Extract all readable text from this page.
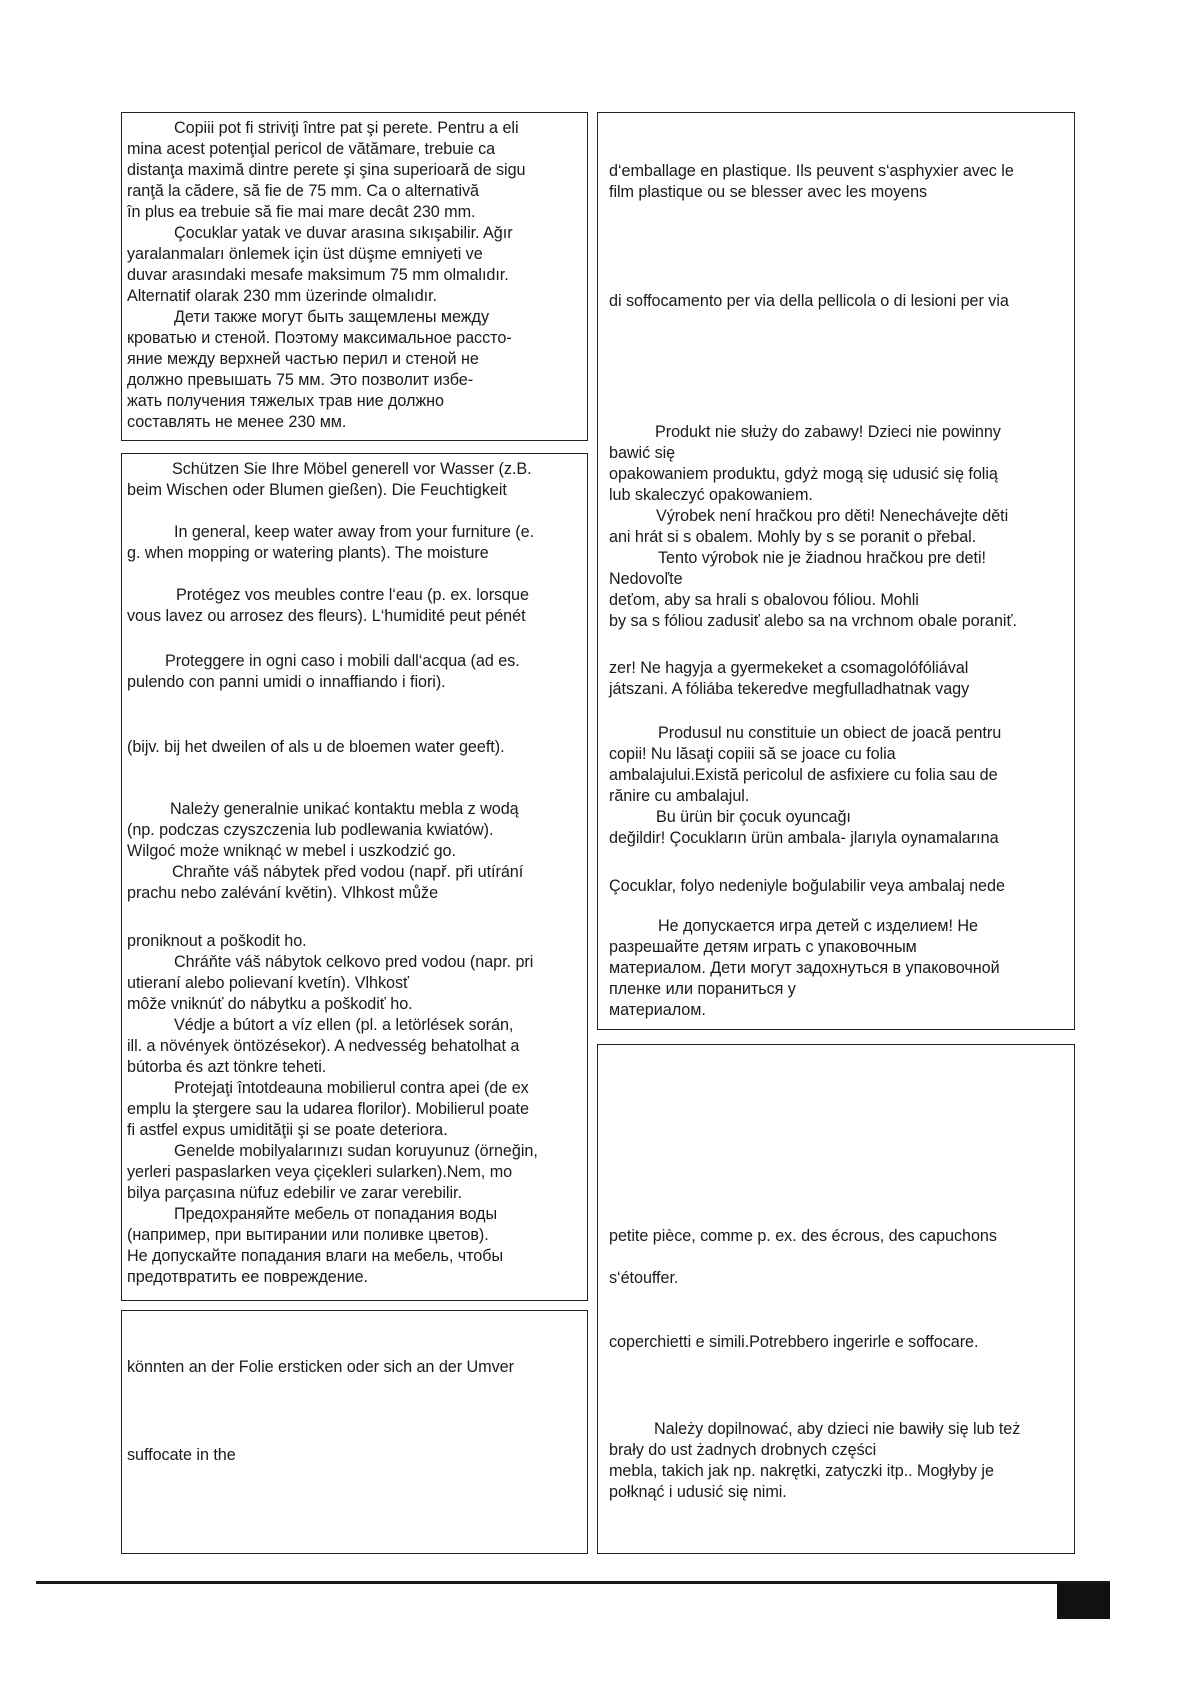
Copiii pot fi striviţi între pat şi perete. Pentru a eli
mina acest potenţial pericol de vătămare, trebuie ca
distanţa maximă dintre perete şi şina superioară de sigu
ranţă la cădere, să fie de 75 mm. Ca o alternativă
în plus ea trebuie să fie mai mare decât 230 mm.
Çocuklar yatak ve duvar arasına sıkışabilir. Ağır
yaralanmaları önlemek için üst düşme emniyeti ve
duvar arasındaki mesafe maksimum 75 mm olmalıdır.
Alternatif olarak 230 mm üzerinde olmalıdır.
Дети также могут быть защемлены между
кроватью и стеной. Поэтому максимальное рассто-
яние между верхней частью перил и стеной не
должно превышать 75 мм. Это позволит избе-
жать получения тяжелых трав ние должно
составлять не менее 230 мм.
Schützen Sie Ihre Möbel generell vor Wasser (z.B.
beim Wischen oder Blumen gießen). Die Feuchtigkeit
In general, keep water away from your furniture (e.
g. when mopping or watering plants). The moisture
Protégez vos meubles contre l‘eau (p. ex. lorsque
vous lavez ou arrosez des fleurs). L‘humidité peut pénét
Proteggere in ogni caso i mobili dall‘acqua (ad es.
pulendo con panni umidi o innaffiando i fiori).
(bijv. bij het dweilen of als u de bloemen water geeft).
Należy generalnie unikać kontaktu mebla z wodą
(np. podczas czyszczenia lub podlewania kwiatów).
Wilgoć może wniknąć w mebel i uszkodzić go.
Chraňte váš nábytek před vodou (např. při utírání
prachu nebo zalévání květin). Vlhkost může
proniknout a poškodit ho.
Chráňte váš nábytok celkovo pred vodou (napr. pri
utieraní alebo polievaní kvetín). Vlhkosť
môže vniknúť do nábytku a poškodiť ho.
Védje a bútort a víz ellen (pl. a letörlések során,
ill. a növények öntözésekor). A nedvesség behatolhat a
bútorba és azt tönkre teheti.
Protejaţi întotdeauna mobilierul contra apei (de ex
emplu la ştergere sau la udarea florilor). Mobilierul poate
fi astfel expus umidităţii şi se poate deteriora.
Genelde mobilyalarınızı sudan koruyunuz (örneğin,
yerleri paspaslarken veya çiçekleri sularken).Nem, mo
bilya parçasına nüfuz edebilir ve zarar verebilir.
Предохраняйте мебель от попадания воды
(например, при вытирании или поливке цветов).
Не допускайте попадания влаги на мебель, чтобы
предотвратить ее повреждение.
könnten an der Folie ersticken oder sich an der Umver
suffocate in the
d‘emballage en plastique. Ils peuvent s‘asphyxier avec le
film plastique ou se blesser avec les moyens
di soffocamento per via della pellicola o di lesioni per via
Produkt nie służy do zabawy! Dzieci nie powinny
bawić się
opakowaniem produktu, gdyż mogą się udusić się folią
lub skaleczyć opakowaniem.
Výrobek není hračkou pro děti! Nenechávejte děti
ani hrát si s obalem. Mohly by s se poranit o přebal.
Tento výrobok nie je žiadnou hračkou pre deti!
Nedovoľte
deťom, aby sa hrali s obalovou fóliou. Mohli
by sa s fóliou zadusiť alebo sa na vrchnom obale poraniť.
zer! Ne hagyja a gyermekeket a csomagolófóliával
játszani. A fóliába tekeredve megfulladhatnak vagy
Produsul nu constituie un obiect de joacă pentru
copii! Nu lăsaţi copiii să se joace cu folia
ambalajului.Există pericolul de asfixiere cu folia sau de
rănire cu ambalajul.
Bu ürün bir çocuk oyuncağı
değildir! Çocukların ürün ambala- jlarıyla oynamalarına
Çocuklar, folyo nedeniyle boğulabilir veya ambalaj nede
Не допускается игра детей с изделием! Не
разрешайте детям играть с упаковочным
материалом. Дети могут задохнуться в упаковочной
пленке или пораниться у
материалом.
petite pièce, comme p. ex. des écrous, des capuchons
s‘étouffer.
coperchietti e simili.Potrebbero ingerirle e soffocare.
Należy dopilnować, aby dzieci nie bawiły się lub też
brały do ust żadnych drobnych części
mebla, takich jak np. nakrętki, zatyczki itp.. Mogłyby je
połknąć i udusić się nimi.
